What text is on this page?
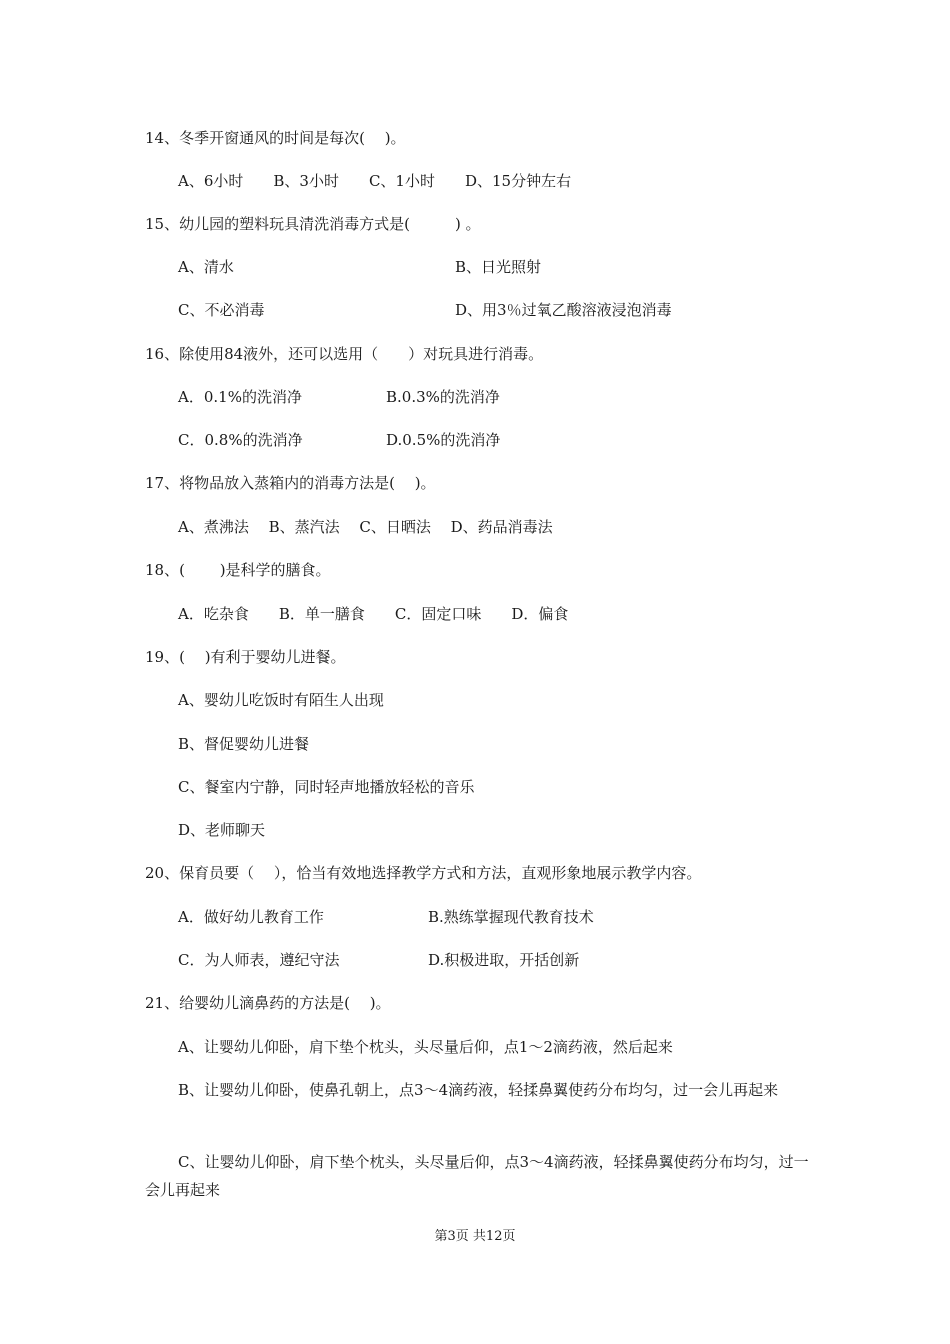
14、冬季开窗通风的时间是每次(　 )。
A、6小时　　B、3小时　　C、1小时　　D、15分钟左右
15、幼儿园的塑料玩具清洗消毒方式是(　　　) 。
A、清水	B、日光照射
C、不必消毒	D、用3％过氧乙酸溶液浸泡消毒
16、除使用84液外，还可以选用（　　）对玩具进行消毒。
A．0.1%的洗消净	B.0.3%的洗消净
C．0.8%的洗消净	D.0.5%的洗消净
17、将物品放入蒸箱内的消毒方法是(　 )。
A、煮沸法　 B、蒸汽法　 C、日晒法　 D、药品消毒法
18、(　　 )是科学的膳食。
A．吃杂食　　B．单一膳食　　C．固定口味　　D．偏食
19、(　 )有利于婴幼儿进餐。
A、婴幼儿吃饭时有陌生人出现
B、督促婴幼儿进餐
C、餐室内宁静，同时轻声地播放轻松的音乐
D、老师聊天
20、保育员要（　 ），恰当有效地选择教学方式和方法，直观形象地展示教学内容。
A．做好幼儿教育工作	B.熟练掌握现代教育技术
C．为人师表，遵纪守法	D.积极进取，开括创新
21、给婴幼儿滴鼻药的方法是(　 )。
A、让婴幼儿仰卧，肩下垫个枕头，头尽量后仰，点1～2滴药液，然后起来
B、让婴幼儿仰卧，使鼻孔朝上，点3～4滴药液，轻揉鼻翼使药分布均匀，过一会儿再起来
C、让婴幼儿仰卧，肩下垫个枕头，头尽量后仰，点3～4滴药液，轻揉鼻翼使药分布均匀，过一会儿再起来
第3页 共12页
